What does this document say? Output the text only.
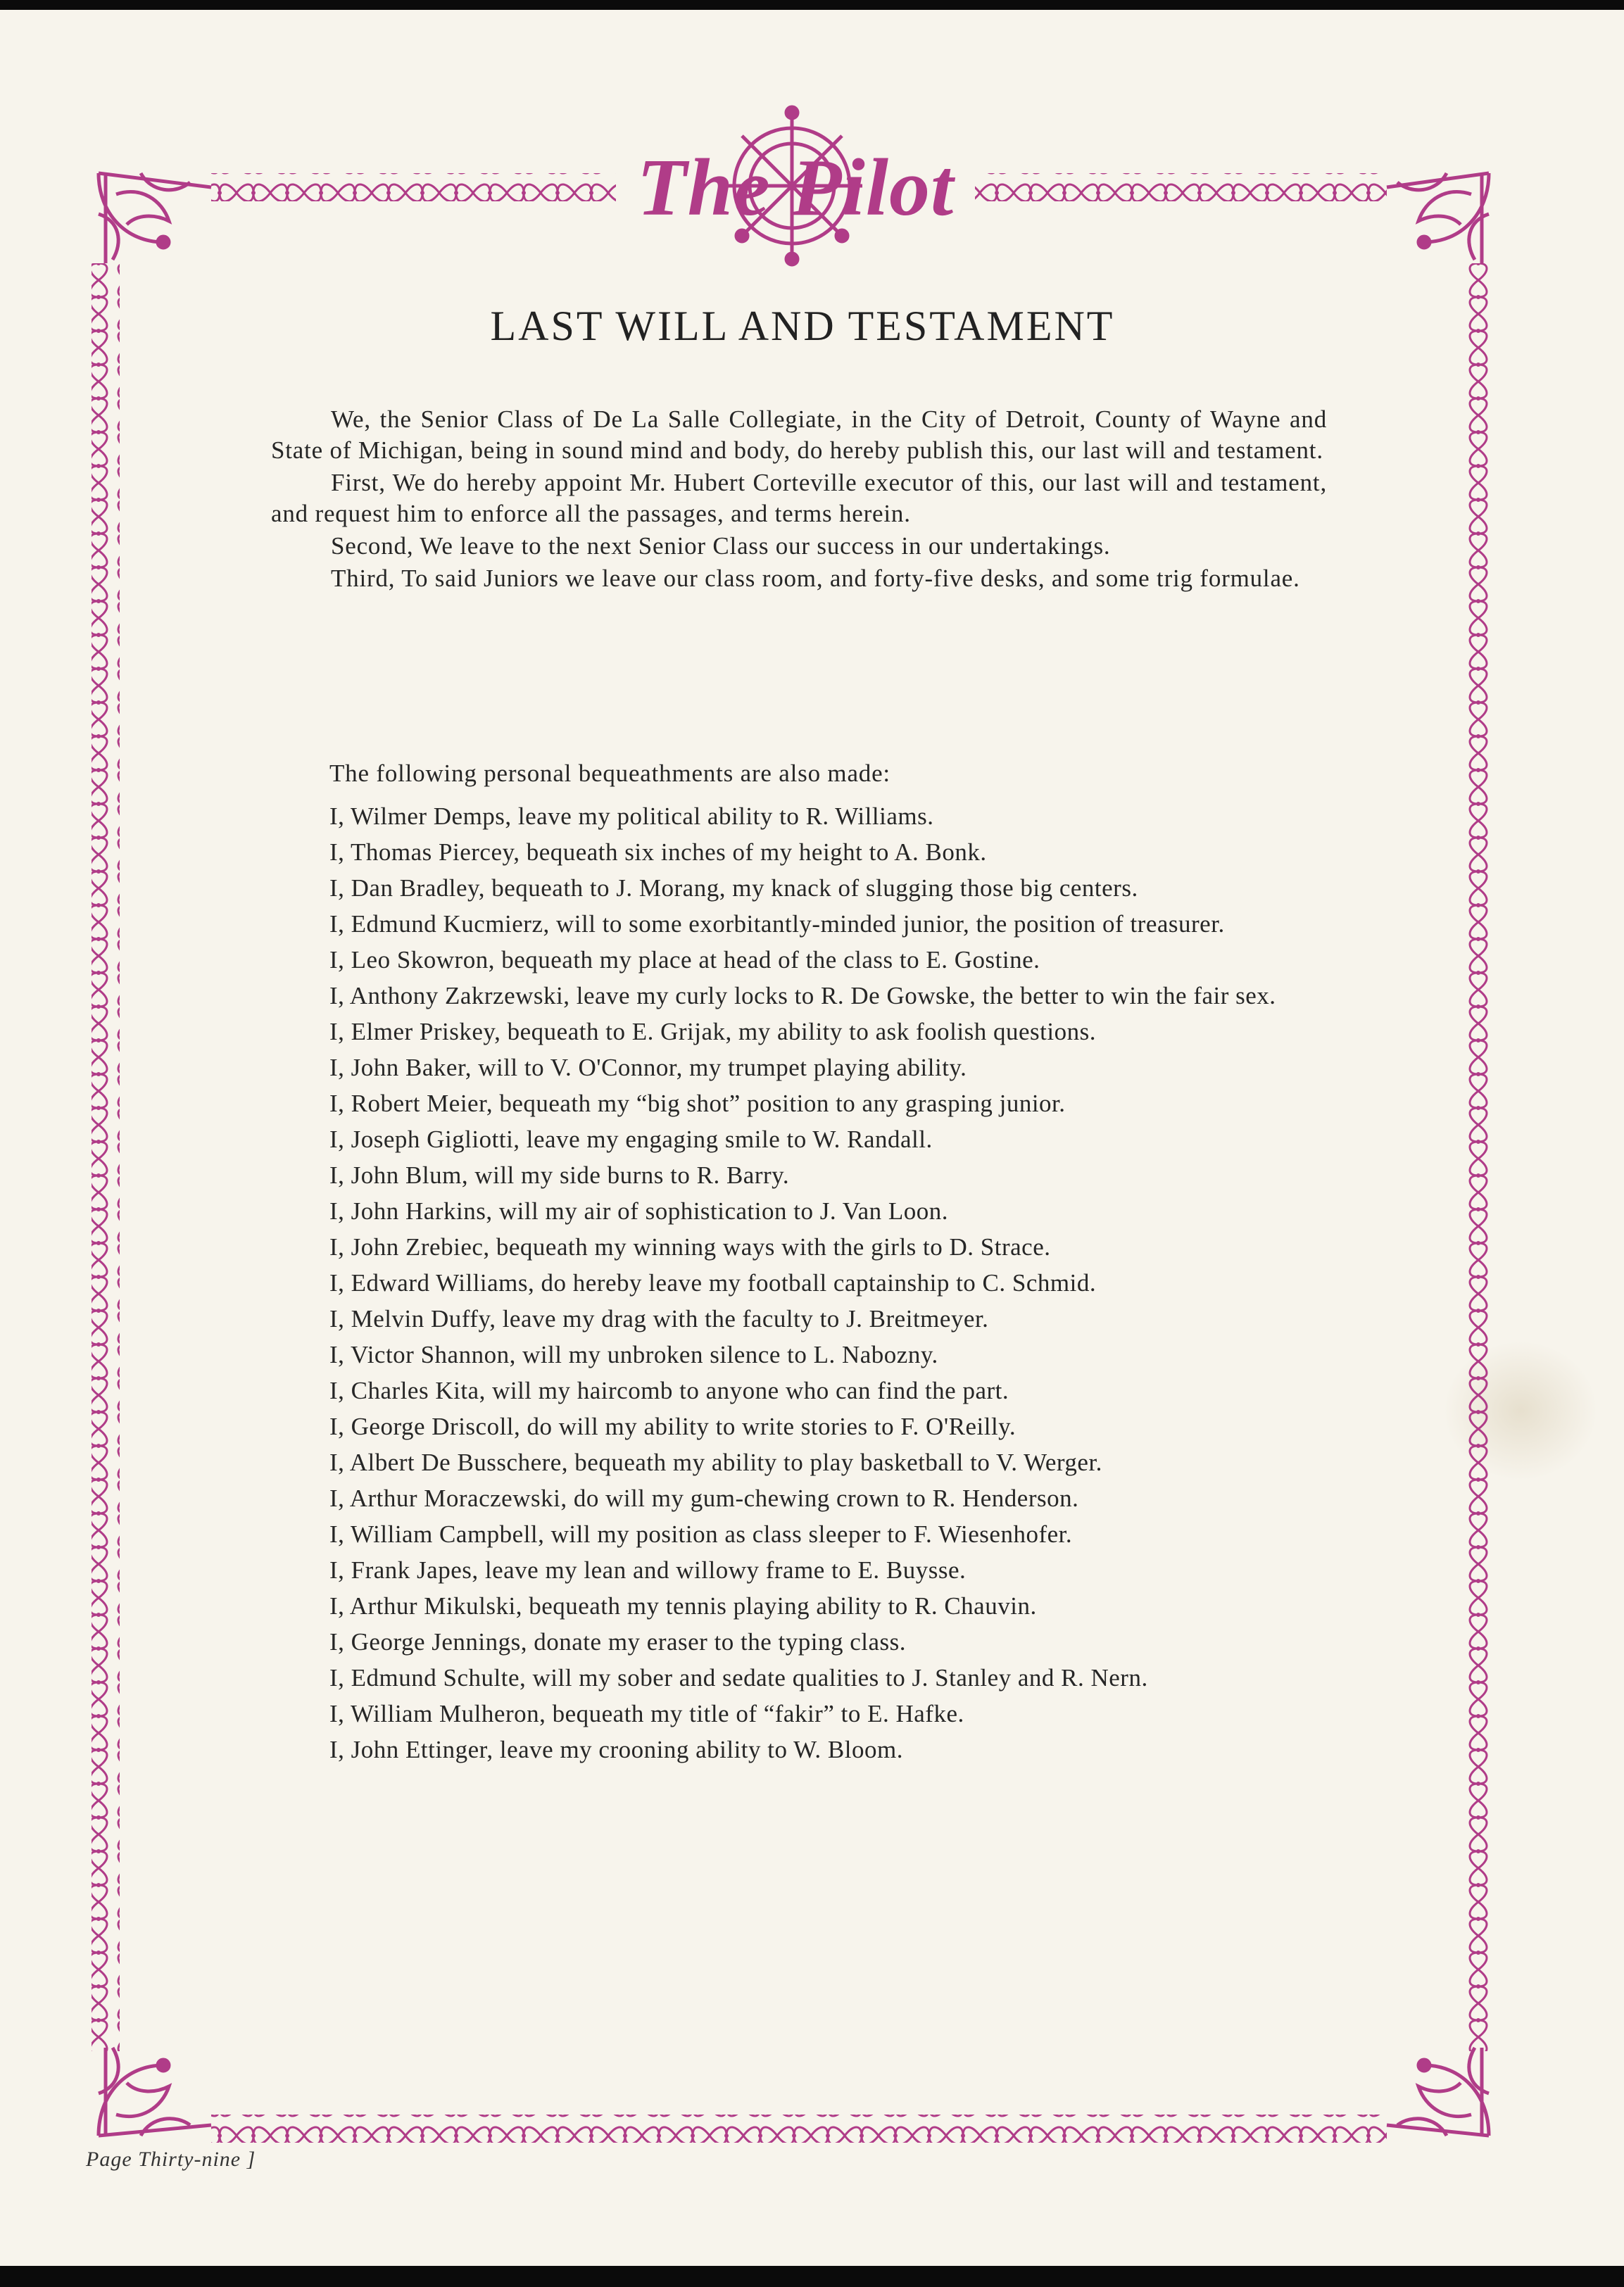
The Pilot
LAST WILL AND TESTAMENT

We, the Senior Class of De La Salle Collegiate, in the City of Detroit, County of Wayne and State of Michigan, being in sound mind and body, do hereby publish this, our last will and testament.

First, We do hereby appoint Mr. Hubert Corteville executor of this, our last will and testament, and request him to enforce all the passages, and terms herein.

Second, We leave to the next Senior Class our success in our undertakings.

Third, To said Juniors we leave our class room, and forty-five desks, and some trig formulae.

The following personal bequeathments are also made:

I, Wilmer Demps, leave my political ability to R. Williams.
I, Thomas Piercey, bequeath six inches of my height to A. Bonk.
I, Dan Bradley, bequeath to J. Morang, my knack of slugging those big centers.
I, Edmund Kucmierz, will to some exorbitantly-minded junior, the position of treasurer.
I, Leo Skowron, bequeath my place at head of the class to E. Gostine.
I, Anthony Zakrzewski, leave my curly locks to R. De Gowske, the better to win the fair sex.
I, Elmer Priskey, bequeath to E. Grijak, my ability to ask foolish questions.
I, John Baker, will to V. O'Connor, my trumpet playing ability.
I, Robert Meier, bequeath my “big shot” position to any grasping junior.
I, Joseph Gigliotti, leave my engaging smile to W. Randall.
I, John Blum, will my side burns to R. Barry.
I, John Harkins, will my air of sophistication to J. Van Loon.
I, John Zrebiec, bequeath my winning ways with the girls to D. Strace.
I, Edward Williams, do hereby leave my football captainship to C. Schmid.
I, Melvin Duffy, leave my drag with the faculty to J. Breitmeyer.
I, Victor Shannon, will my unbroken silence to L. Nabozny.
I, Charles Kita, will my haircomb to anyone who can find the part.
I, George Driscoll, do will my ability to write stories to F. O'Reilly.
I, Albert De Busschere, bequeath my ability to play basketball to V. Werger.
I, Arthur Moraczewski, do will my gum-chewing crown to R. Henderson.
I, William Campbell, will my position as class sleeper to F. Wiesenhofer.
I, Frank Japes, leave my lean and willowy frame to E. Buysse.
I, Arthur Mikulski, bequeath my tennis playing ability to R. Chauvin.
I, George Jennings, donate my eraser to the typing class.
I, Edmund Schulte, will my sober and sedate qualities to J. Stanley and R. Nern.
I, William Mulheron, bequeath my title of “fakir” to E. Hafke.
I, John Ettinger, leave my crooning ability to W. Bloom.

Page Thirty-nine ]
